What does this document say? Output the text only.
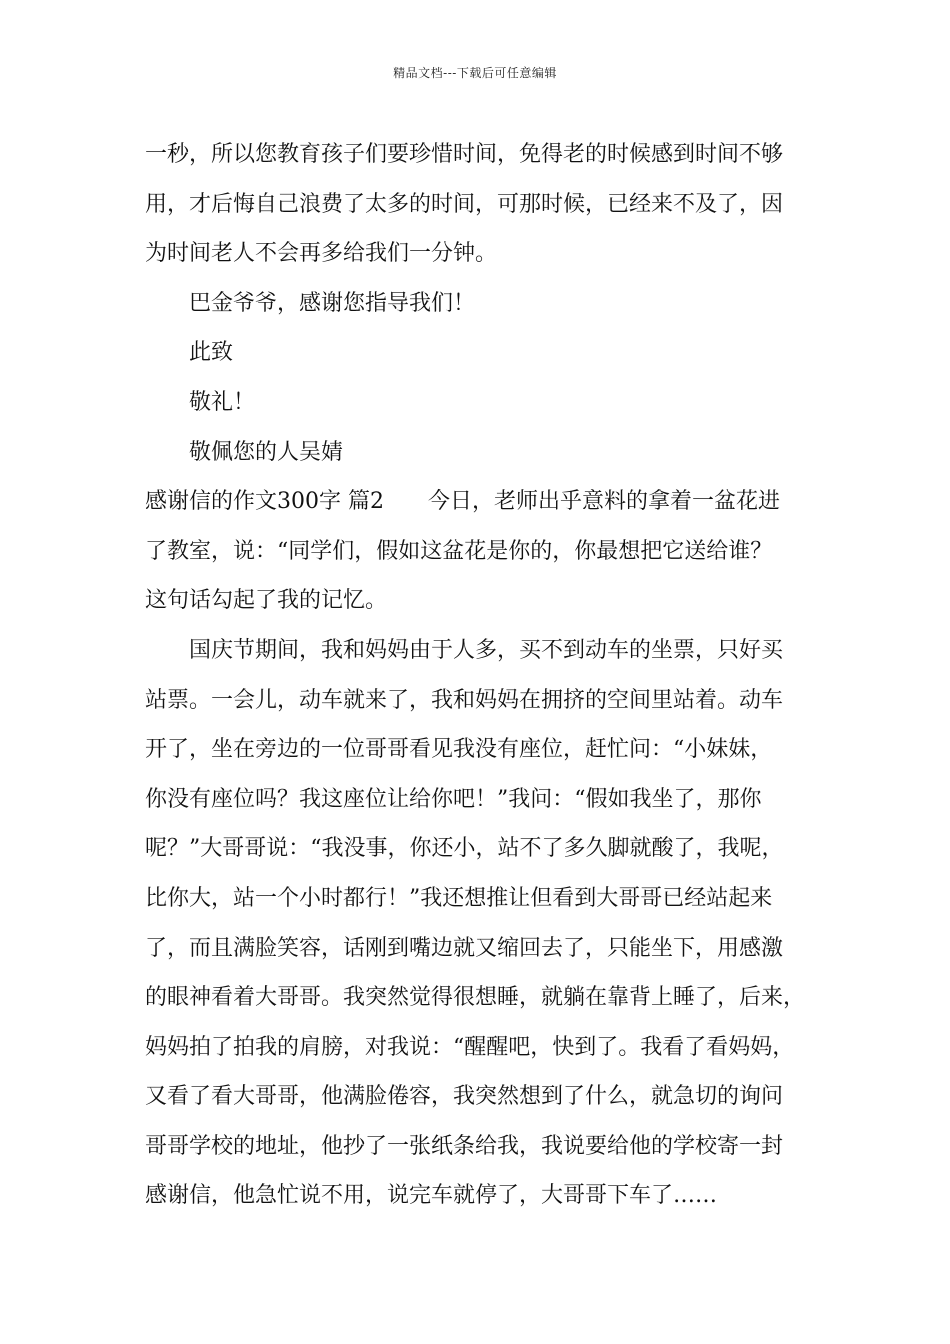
精品文档---下载后可任意编辑
一秒，所以您教育孩子们要珍惜时间，免得老的时候感到时间不够
用，才后悔自己浪费了太多的时间，可那时候，已经来不及了，因
为时间老人不会再多给我们一分钟。
巴金爷爷，感谢您指导我们！
此致
敬礼！
敬佩您的人吴婧
感谢信的作文300字 篇2 今日，老师出乎意料的拿着一盆花进
了教室，说：“同学们，假如这盆花是你的，你最想把它送给谁？
这句话勾起了我的记忆。
国庆节期间，我和妈妈由于人多，买不到动车的坐票，只好买
站票。一会儿，动车就来了，我和妈妈在拥挤的空间里站着。动车
开了，坐在旁边的一位哥哥看见我没有座位，赶忙问：“小妹妹，
你没有座位吗？我这座位让给你吧！”我问：“假如我坐了，那你
呢？”大哥哥说：“我没事，你还小，站不了多久脚就酸了，我呢，
比你大，站一个小时都行！”我还想推让但看到大哥哥已经站起来
了，而且满脸笑容，话刚到嘴边就又缩回去了，只能坐下，用感激
的眼神看着大哥哥。我突然觉得很想睡，就躺在靠背上睡了，后来，
妈妈拍了拍我的肩膀，对我说：“醒醒吧，快到了。我看了看妈妈，
又看了看大哥哥，他满脸倦容，我突然想到了什么，就急切的询问
哥哥学校的地址，他抄了一张纸条给我，我说要给他的学校寄一封
感谢信，他急忙说不用，说完车就停了，大哥哥下车了……
